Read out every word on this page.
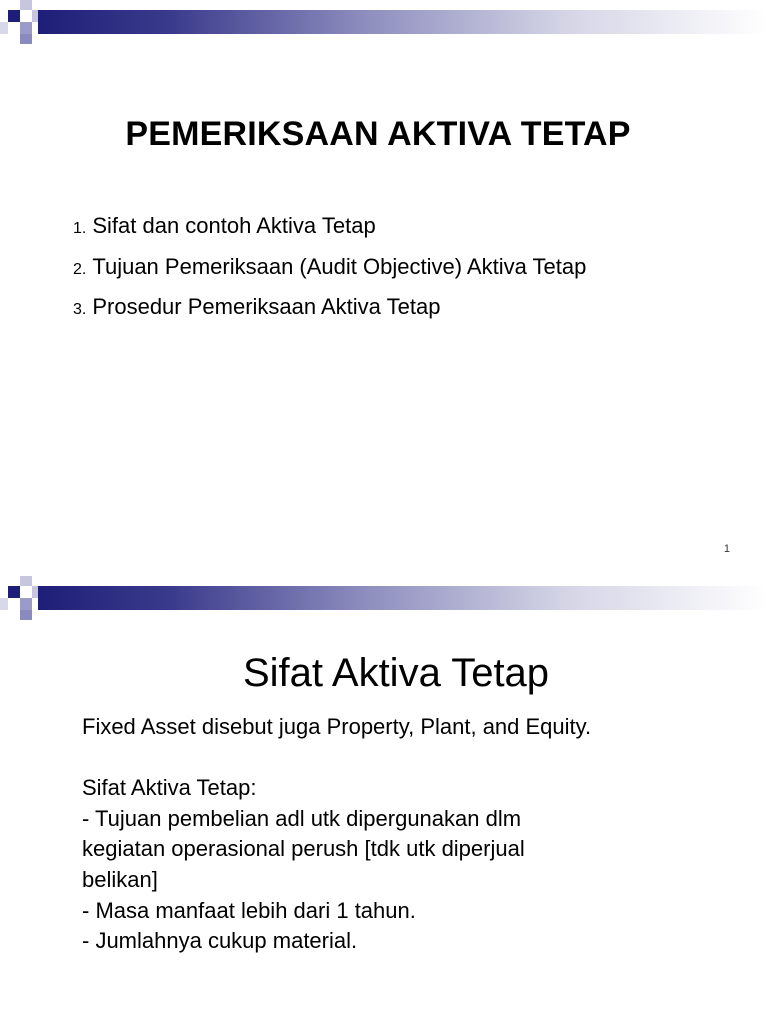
PEMERIKSAAN AKTIVA TETAP
1. Sifat dan contoh Aktiva Tetap
2. Tujuan Pemeriksaan (Audit Objective) Aktiva Tetap
3. Prosedur Pemeriksaan Aktiva Tetap
1
Sifat Aktiva Tetap
Fixed Asset disebut juga Property, Plant, and Equity.
Sifat Aktiva Tetap:
- Tujuan pembelian adl utk dipergunakan dlm
kegiatan operasional perush [tdk utk diperjual
belikan]
- Masa manfaat lebih dari 1 tahun.
- Jumlahnya cukup material.
